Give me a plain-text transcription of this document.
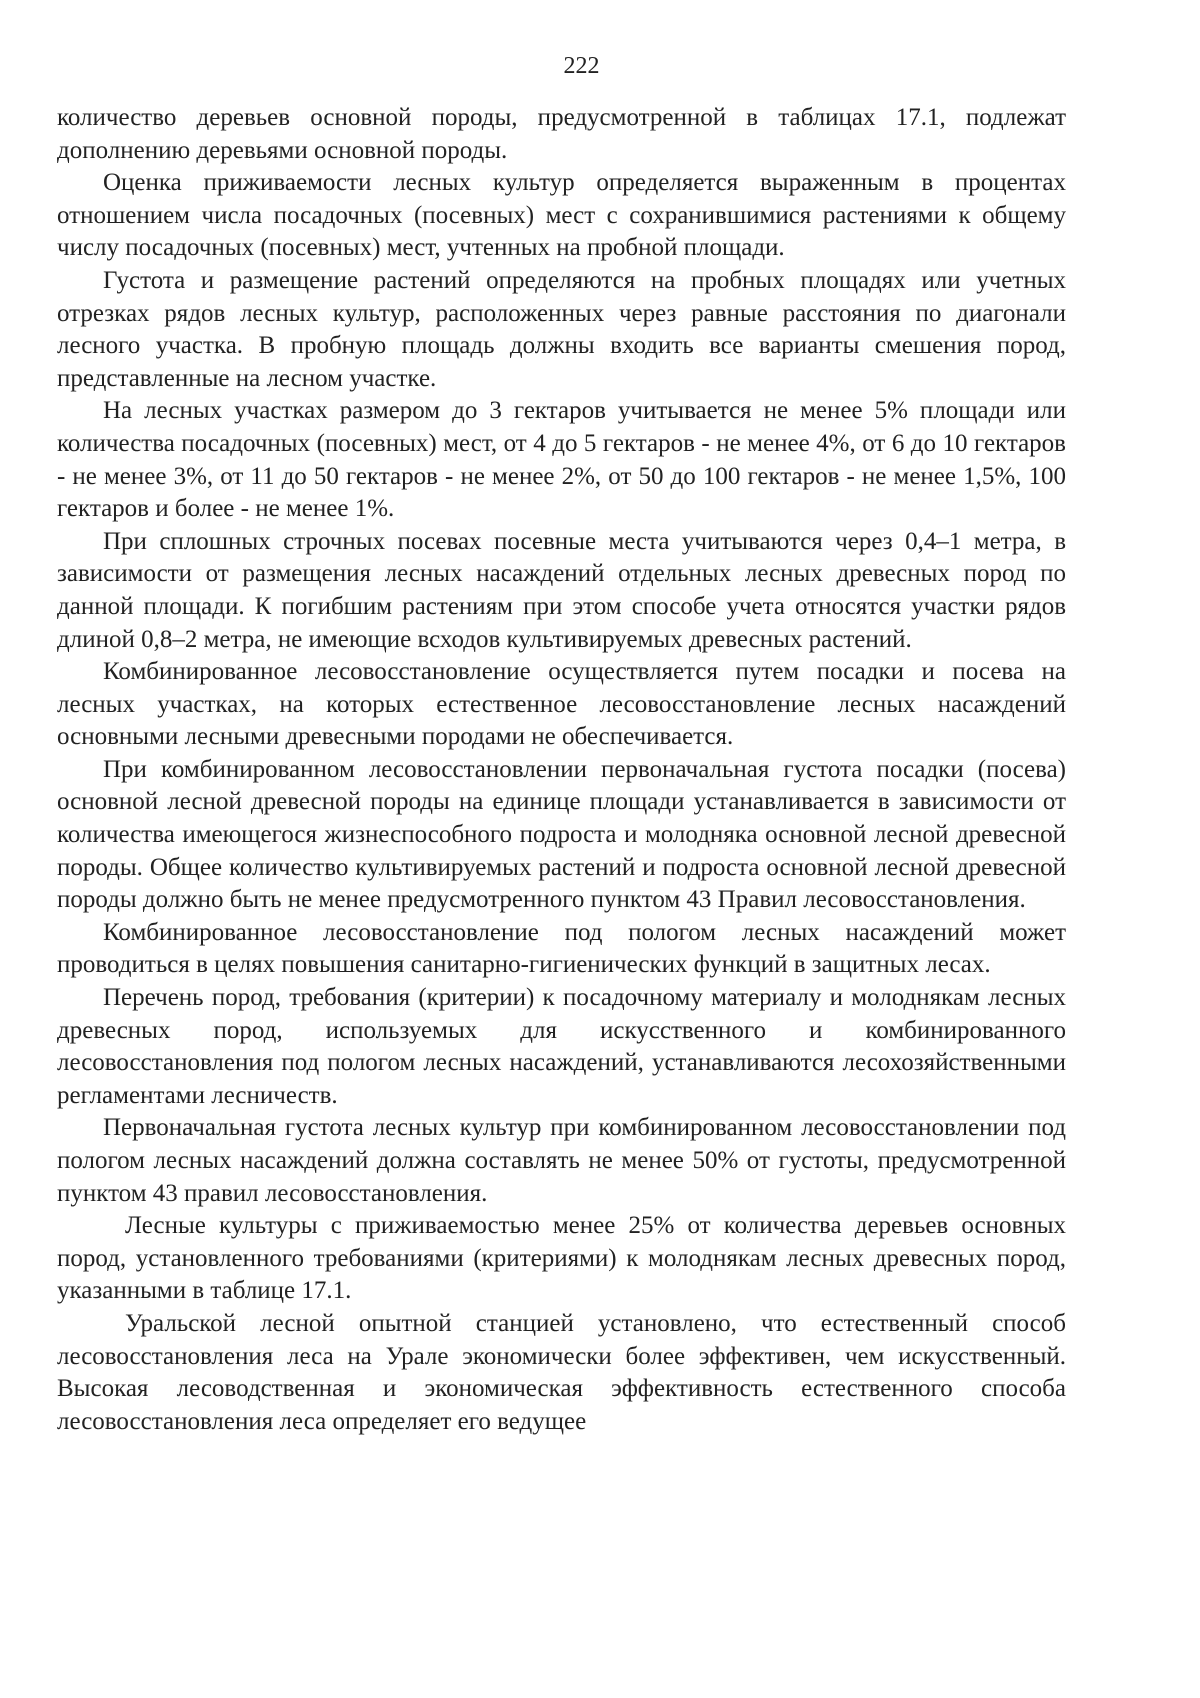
222

количество деревьев основной породы, предусмотренной в таблицах 17.1, подлежат дополнению деревьями основной породы.

Оценка приживаемости лесных культур определяется выраженным в процентах отношением числа посадочных (посевных) мест с сохранившимися растениями к общему числу посадочных (посевных) мест, учтенных на пробной площади.

Густота и размещение растений определяются на пробных площадях или учетных отрезках рядов лесных культур, расположенных через равные расстояния по диагонали лесного участка. В пробную площадь должны входить все варианты смешения пород, представленные на лесном участке.

На лесных участках размером до 3 гектаров учитывается не менее 5% площади или количества посадочных (посевных) мест, от 4 до 5 гектаров - не менее 4%, от 6 до 10 гектаров - не менее 3%, от 11 до 50 гектаров - не менее 2%, от 50 до 100 гектаров - не менее 1,5%, 100 гектаров и более - не менее 1%.

При сплошных строчных посевах посевные места учитываются через 0,4–1 метра, в зависимости от размещения лесных насаждений отдельных лесных древесных пород по данной площади. К погибшим растениям при этом способе учета относятся участки рядов длиной 0,8–2 метра, не имеющие всходов культивируемых древесных растений.

Комбинированное лесовосстановление осуществляется путем посадки и посева на лесных участках, на которых естественное лесовосстановление лесных насаждений основными лесными древесными породами не обеспечивается.

При комбинированном лесовосстановлении первоначальная густота посадки (посева) основной лесной древесной породы на единице площади устанавливается в зависимости от количества имеющегося жизнеспособного подроста и молодняка основной лесной древесной породы. Общее количество культивируемых растений и подроста основной лесной древесной породы должно быть не менее предусмотренного пунктом 43 Правил лесовосстановления.

Комбинированное лесовосстановление под пологом лесных насаждений может проводиться в целях повышения санитарно-гигиенических функций в защитных лесах.

Перечень пород, требования (критерии) к посадочному материалу и молоднякам лесных древесных пород, используемых для искусственного и комбинированного лесовосстановления под пологом лесных насаждений, устанавливаются лесохозяйственными регламентами лесничеств.

Первоначальная густота лесных культур при комбинированном лесовосстановлении под пологом лесных насаждений должна составлять не менее 50% от густоты, предусмотренной пунктом 43 правил лесовосстановления.

Лесные культуры с приживаемостью менее 25% от количества деревьев основных пород, установленного требованиями (критериями) к молоднякам лесных древесных пород, указанными в таблице 17.1.

Уральской лесной опытной станцией установлено, что естественный способ лесовосстановления леса на Урале экономически более эффективен, чем искусственный. Высокая лесоводственная и экономическая эффективность естественного способа лесовосстановления леса определяет его ведущее
